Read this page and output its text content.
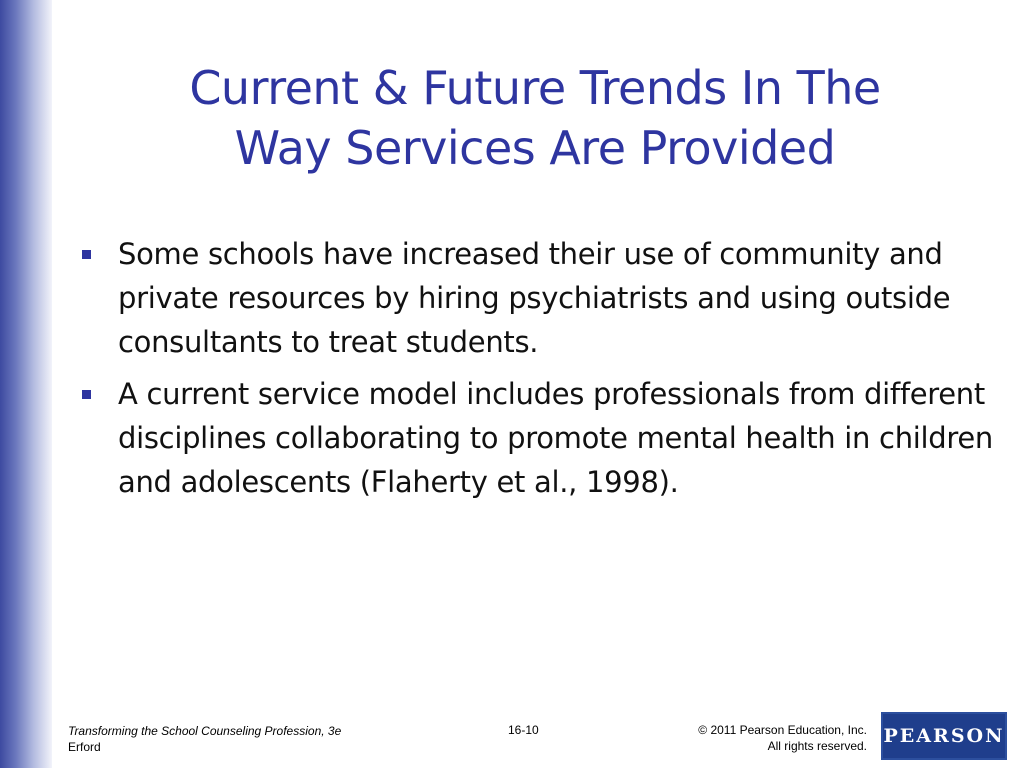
Current & Future Trends In The
Way Services Are Provided
Some schools have increased their use of community and private resources by hiring psychiatrists and using outside consultants to treat students.
A current service model includes professionals from different disciplines collaborating to promote mental health in children and adolescents (Flaherty et al., 1998).
Transforming the School Counseling Profession, 3e
Erford
16-10	© 2011 Pearson Education, Inc.
All rights reserved. PEARSON
